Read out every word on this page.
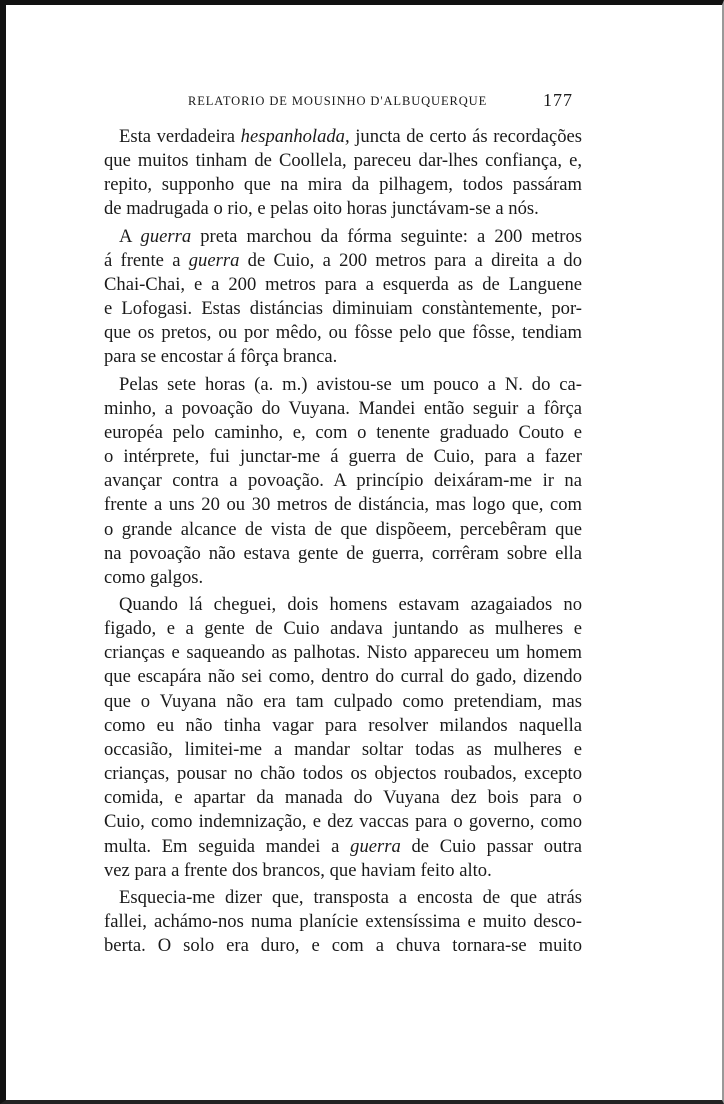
RELATORIO DE MOUSINHO D'ALBUQUERQUE	177
Esta verdadeira hespanholada, juncta de certo ás recordações
que muitos tinham de Coollela, pareceu dar-lhes confiança, e,
repito, supponho que na mira da pilhagem, todos passáram
de madrugada o rio, e pelas oito horas junctávam-se a nós.
A guerra preta marchou da fórma seguinte: a 200 metros
á frente a guerra de Cuio, a 200 metros para a direita a do
Chai-Chai, e a 200 metros para a esquerda as de Languene
e Lofogasi. Estas distáncias diminuiam constàntemente, por-
que os pretos, ou por mêdo, ou fôsse pelo que fôsse, tendiam
para se encostar á fôrça branca.
Pelas sete horas (a. m.) avistou-se um pouco a N. do ca-
minho, a povoação do Vuyana. Mandei então seguir a fôrça
européa pelo caminho, e, com o tenente graduado Couto e
o intérprete, fui junctar-me á guerra de Cuio, para a fazer
avançar contra a povoação. A princípio deixáram-me ir na
frente a uns 20 ou 30 metros de distáncia, mas logo que, com
o grande alcance de vista de que dispõeem, percebêram que
na povoação não estava gente de guerra, corrêram sobre ella
como galgos.
Quando lá cheguei, dois homens estavam azagaiados no
figado, e a gente de Cuio andava juntando as mulheres e
crianças e saqueando as palhotas. Nisto appareceu um homem
que escapára não sei como, dentro do curral do gado, dizendo
que o Vuyana não era tam culpado como pretendiam, mas
como eu não tinha vagar para resolver milandos naquella
occasião, limitei-me a mandar soltar todas as mulheres e
crianças, pousar no chão todos os objectos roubados, excepto
comida, e apartar da manada do Vuyana dez bois para o
Cuio, como indemnização, e dez vaccas para o governo, como
multa. Em seguida mandei a guerra de Cuio passar outra
vez para a frente dos brancos, que haviam feito alto.
Esquecia-me dizer que, transposta a encosta de que atrás
fallei, achámo-nos numa planície extensíssima e muito desco-
berta. O solo era duro, e com a chuva tornara-se muito
